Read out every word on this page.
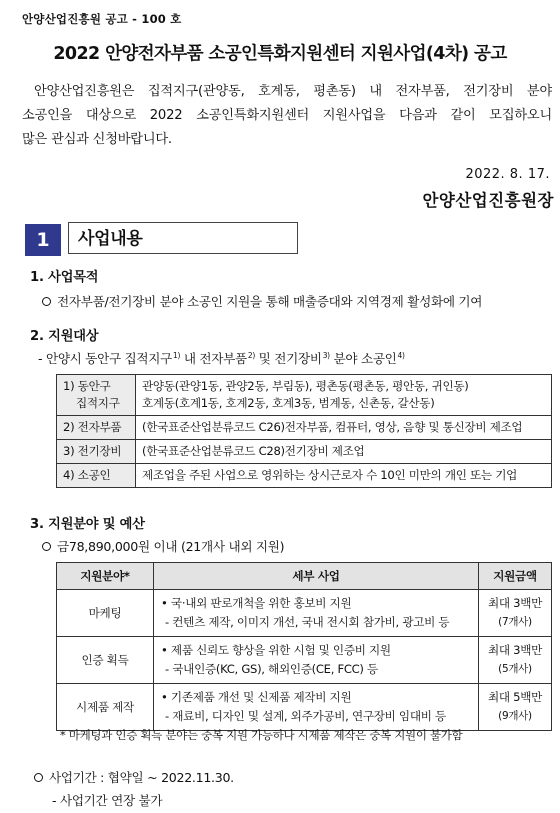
안양산업진흥원 공고 - 100 호
2022 안양전자부품 소공인특화지원센터 지원사업(4차) 공고
안양산업진흥원은 집적지구(관양동, 호계동, 평촌동) 내 전자부품, 전기장비 분야
소공인을 대상으로 2022 소공인특화지원센터 지원사업을 다음과 같이 모집하오니
많은 관심과 신청바랍니다.
2022. 8. 17.
안양산업진흥원장
1	사업내용
1. 사업목적
전자부품/전기장비 분야 소공인 지원을 통해 매출증대와 지역경제 활성화에 기여
2. 지원대상
- 안양시 동안구 집적지구$^{1)}$ 내 전자부품$^{2)}$ 및 전기장비$^{3)}$ 분야 소공인$^{4)}$
1) 동안구
집적지구	관양동(관양1동, 관양2동, 부림동), 평촌동(평촌동, 평안동, 귀인동)
호계동(호계1동, 호계2동, 호계3동, 범계동, 신촌동, 갈산동)

2) 전자부품	(한국표준산업분류코드 C26)전자부품, 컴퓨터, 영상, 음향 및 통신장비 제조업
3) 전기장비	(한국표준산업분류코드 C28)전기장비 제조업
4) 소공인	제조업을 주된 사업으로 영위하는 상시근로자 수 10인 미만의 개인 또는 기업
3. 지원분야 및 예산
금78,890,000원 이내 (21개사 내외 지원)
지원분야*	세부 사업	지원금액
마케팅	• 국·내외 판로개척을 위한 홍보비 지원
- 컨텐츠 제작, 이미지 개선, 국내 전시회 참가비, 광고비 등	최대 3백만
(7개사)

인증 획득	• 제품 신뢰도 향상을 위한 시험 및 인증비 지원
- 국내인증(KC, GS), 해외인증(CE, FCC) 등	최대 3백만
(5개사)

시제품 제작	• 기존제품 개선 및 신제품 제작비 지원
- 재료비, 디자인 및 설계, 외주가공비, 연구장비 임대비 등	최대 5백만
(9개사)
* 마케팅과 인증 획득 분야는 중복 지원 가능하나 시제품 제작은 중복 지원이 불가함
사업기간 : 협약일 ~ 2022.11.30.
- 사업기간 연장 불가
